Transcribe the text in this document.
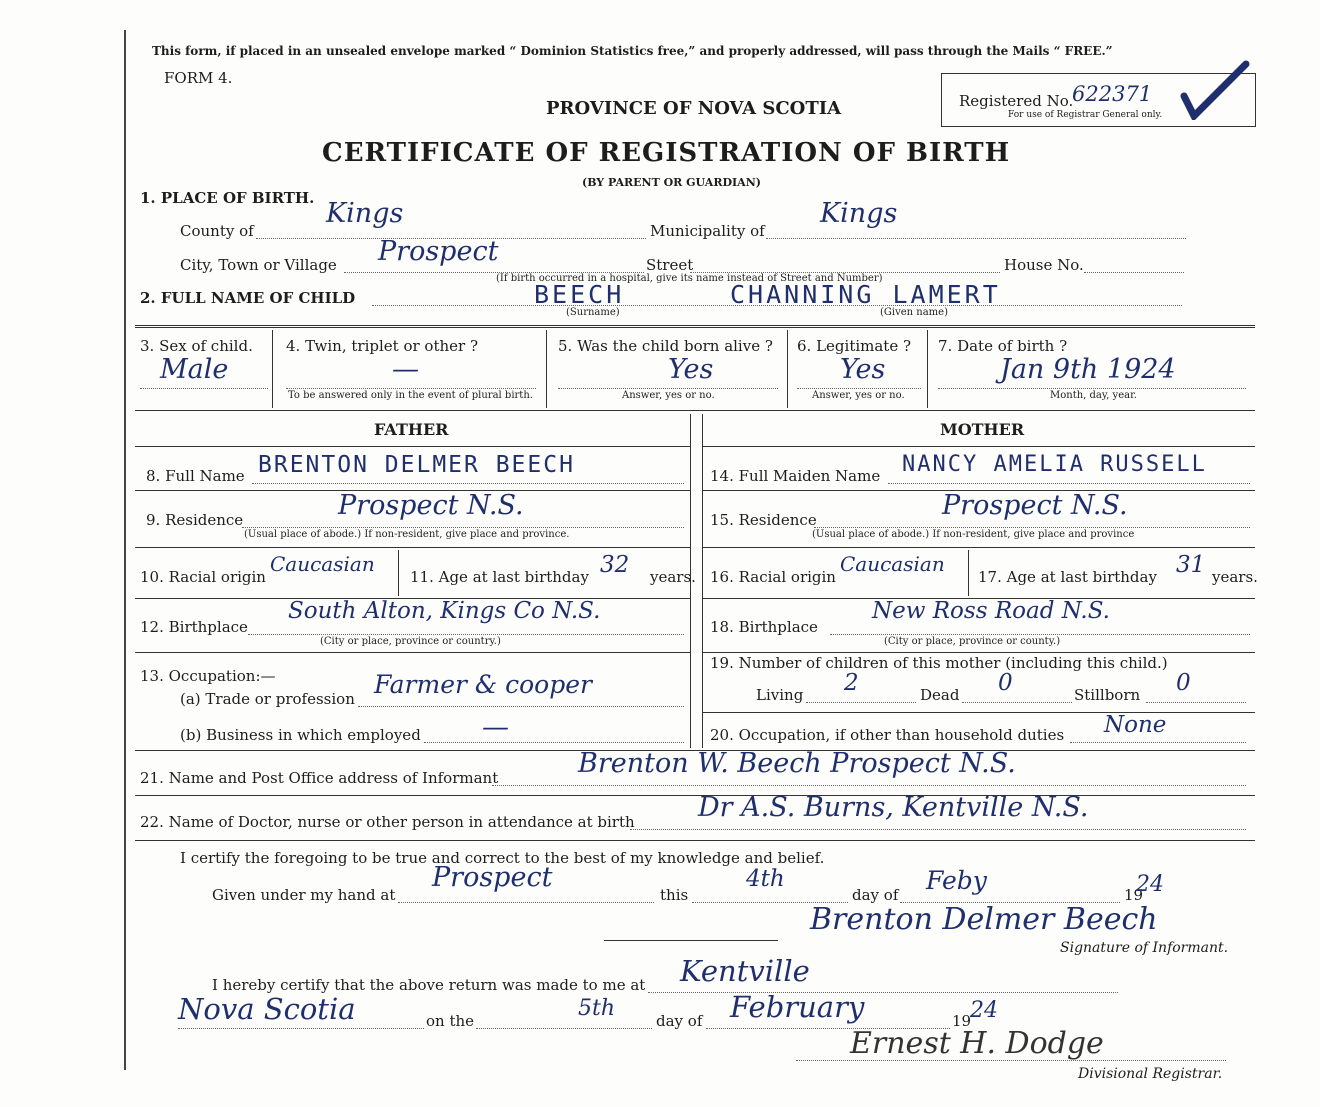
This form, if placed in an unsealed envelope marked “ Dominion Statistics free,” and properly addressed, will pass through the Mails “ FREE.”
FORM 4.
PROVINCE OF NOVA SCOTIA
CERTIFICATE OF REGISTRATION OF BIRTH
(BY PARENT OR GUARDIAN)
Registered No.
622371
For use of Registrar General only.
1. PLACE OF BIRTH.
County of
Kings
Municipality of
Kings
City, Town or Village Prospect	Street	House No.
(If birth occurred in a hospital, give its name instead of Street and Number)
2. FULL NAME OF CHILD	BEECH	CHANNING LAMERT
(Surname)	(Given name)
3. Sex of child.
Male
4. Twin, triplet or other ?
—
To be answered only in the event of plural birth.
5. Was the child born alive ?
Yes
Answer, yes or no.
6. Legitimate ?
Yes
Answer, yes or no.
7. Date of birth ?
Jan 9th 1924
Month, day, year.
FATHER
8. Full Name BRENTON DELMER BEECH
9. Residence	Prospect N.S.
(Usual place of abode.) If non-resident, give place and province.
10. Racial origin
Caucasian
11. Age at last birthday 32 years.
12. Birthplace
South Alton, Kings Co N.S.
(City or place, province or country.)
13. Occupation:—
(a) Trade or profession Farmer & cooper
(b) Business in which employed —
MOTHER
14. Full Maiden Name NANCY AMELIA RUSSELL
15. Residence	Prospect N.S.
(Usual place of abode.) If non-resident, give place and province
16. Racial origin
Caucasian
17. Age at last birthday 31 years.
18. Birthplace
New Ross Road N.S.
(City or place, province or county.)
19. Number of children of this mother (including this child.)
Living 2	Dead 0	Stillborn 0
20. Occupation, if other than household duties None
21. Name and Post Office address of Informant	Brenton W. Beech Prospect N.S.
22. Name of Doctor, nurse or other person in attendance at birth Dr A.S. Burns, Kentville N.S.
I certify the foregoing to be true and correct to the best of my knowledge and belief.
Given under my hand at
Prospect
this
4th
day of Feby	19
24
Brenton Delmer Beech
Signature of Informant.
I hereby certify that the above return was made to me at Kentville
Nova Scotia	on the	5th	day of February	19
24
Ernest H. Dodge
Divisional Registrar.
